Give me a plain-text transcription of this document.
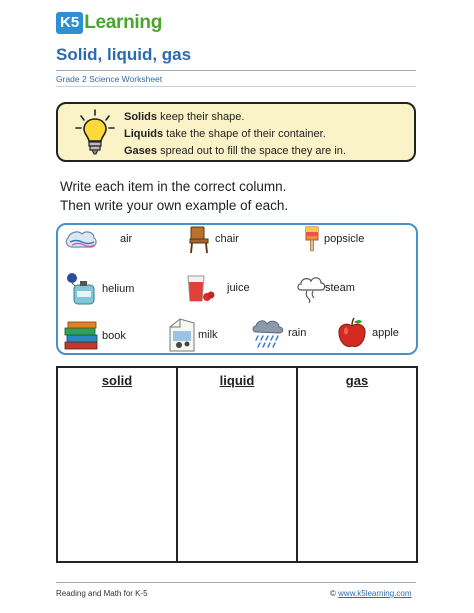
K5 Learning
Solid, liquid, gas
Grade 2 Science Worksheet
Solids keep their shape.
Liquids take the shape of their container.
Gases spread out to fill the space they are in.
Write each item in the correct column.
Then write your own example of each.
air	chair	popsicle
helium	juice	steam
book	milk	rain	apple
solid	liquid	gas
Reading and Math for K-5	© www.k5learning.com
